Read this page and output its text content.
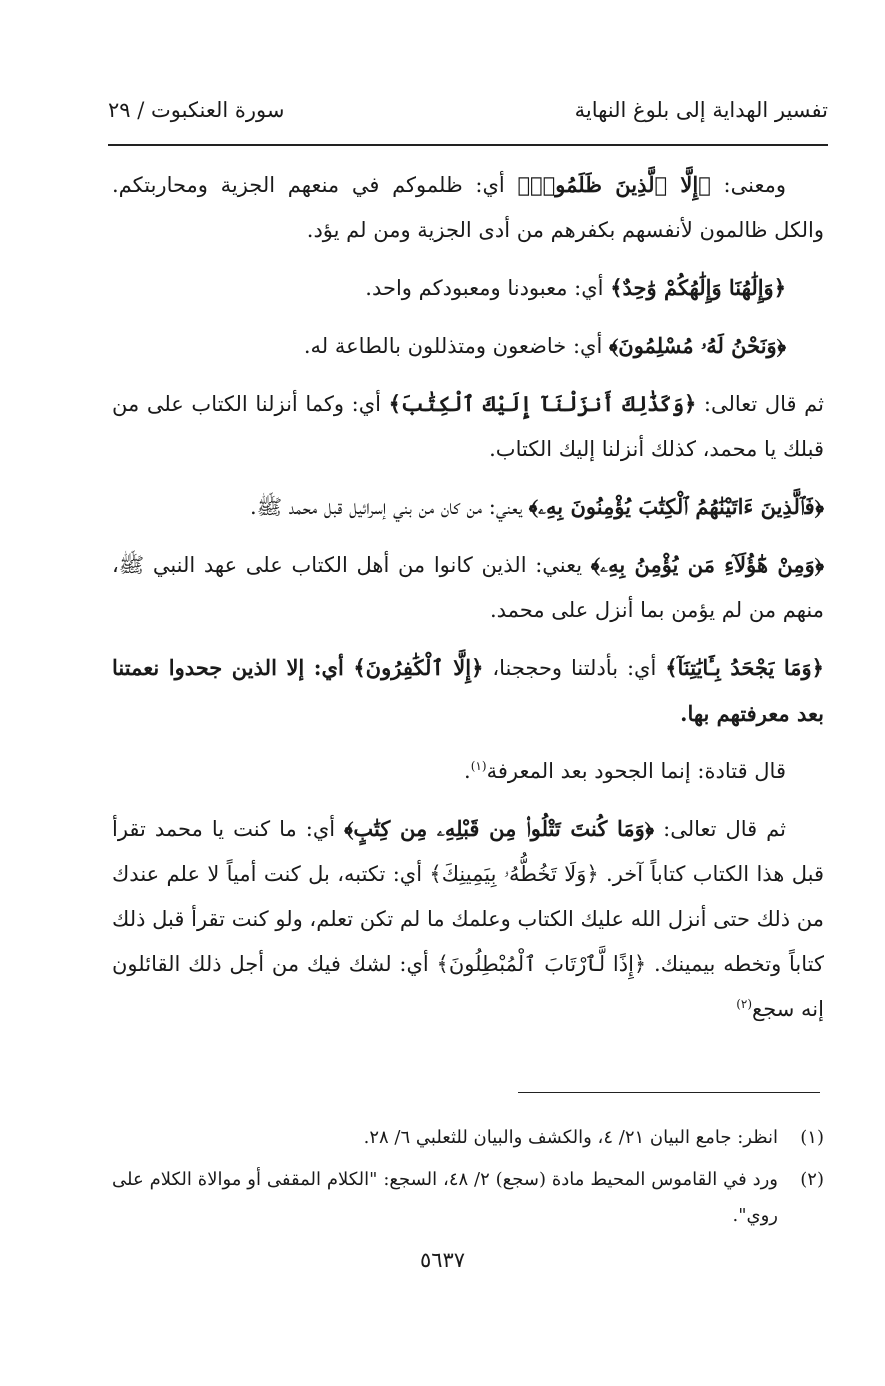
تفسير الهداية إلى بلوغ النهاية
سورة العنكبوت / ٢٩

ومعنى: ﴿إِلَّا ٱلَّذِينَ ظَلَمُوا۟﴾ أي: ظلموكم في منعهم الجزية ومحاربتكم. والكل ظالمون لأنفسهم بكفرهم من أدى الجزية ومن لم يؤد.

﴿وَإِلَٰهُنَا وَإِلَٰهُكُمْ وَٰحِدٌ﴾ أي: معبودنا ومعبودكم واحد.

﴿وَنَحْنُ لَهُۥ مُسْلِمُونَ﴾ أي: خاضعون ومتذللون بالطاعة له.

ثم قال تعالى: ﴿وَكَذَٰلِكَ أَنزَلْنَآ إِلَيْكَ ٱلْكِتَٰبَ﴾ أي: وكما أنزلنا الكتاب على من قبلك يا محمد، كذلك أنزلنا إليك الكتاب.

﴿فَٱلَّذِينَ ءَاتَيْنَٰهُمُ ٱلْكِتَٰبَ يُؤْمِنُونَ بِهِۦ﴾ يعني: من كان من بني إسرائيل قبل محمد ﷺ.

﴿وَمِنْ هَٰٓؤُلَآءِ مَن يُؤْمِنُ بِهِۦ﴾ يعني: الذين كانوا من أهل الكتاب على عهد النبي ﷺ، منهم من لم يؤمن بما أنزل على محمد.

﴿وَمَا يَجْحَدُ بِـَٔايَٰتِنَآ﴾ أي: بأدلتنا وحججنا، ﴿إِلَّا ٱلْكَٰفِرُونَ﴾ أي: إلا الذين جحدوا نعمتنا بعد معرفتهم بها.

قال قتادة: إنما الجحود بعد المعرفة$^{(١)}$.

ثم قال تعالى: ﴿وَمَا كُنتَ تَتْلُوا۟ مِن قَبْلِهِۦ مِن كِتَٰبٍ﴾ أي: ما كنت يا محمد تقرأ قبل هذا الكتاب كتاباً آخر. ﴿وَلَا تَخُطُّهُۥ بِيَمِينِكَ﴾ أي: تكتبه، بل كنت أمياً لا علم عندك من ذلك حتى أنزل الله عليك الكتاب وعلمك ما لم تكن تعلم، ولو كنت تقرأ قبل ذلك كتاباً وتخطه بيمينك. ﴿إِذًا لَّٱرْتَابَ ٱلْمُبْطِلُونَ﴾ أي: لشك فيك من أجل ذلك القائلون إنه سجع$^{(٢)}$

(١)
انظر: جامع البيان ٢١/ ٤، والكشف والبيان للثعلبي ٦/ ٢٨.
(٢)
ورد في القاموس المحيط مادة (سجع) ٢/ ٤٨، السجع: "الكلام المقفى أو موالاة الكلام على روي".
٥٦٣٧
